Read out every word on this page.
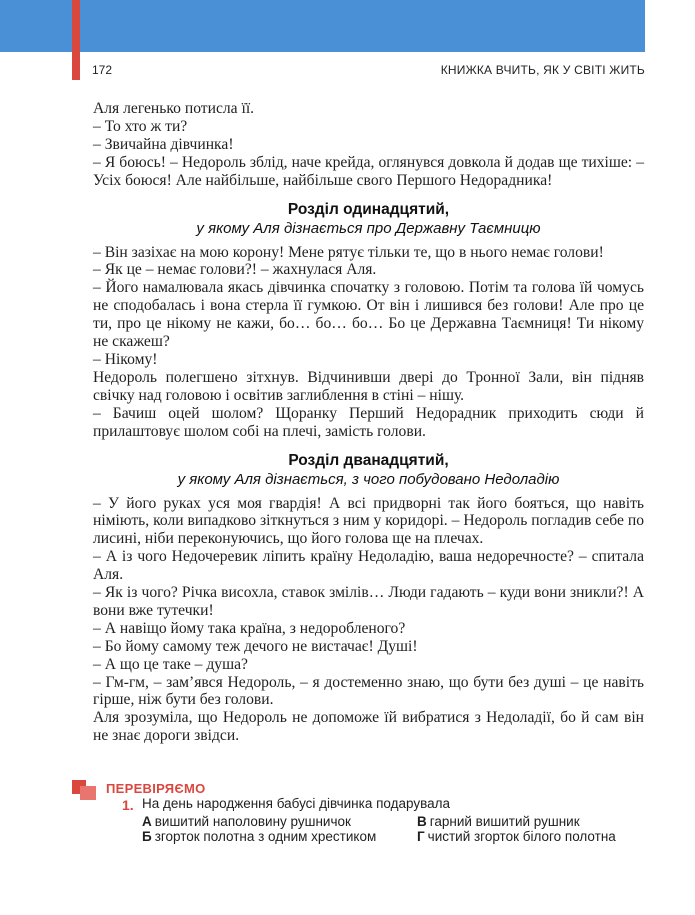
172	КНИЖКА ВЧИТЬ, ЯК У СВІТІ ЖИТЬ

Аля легенько потисла її.

– То хто ж ти?

– Звичайна дівчинка!

– Я боюсь! – Недороль зблід, наче крейда, оглянувся довкола й додав ще тихіше: – Усіх боюся! Але найбільше, найбільше свого Першого Недорадника!

Розділ одинадцятий,
у якому Аля дізнається про Державну Таємницю

– Він зазіхає на мою корону! Мене рятує тільки те, що в нього немає голови!

– Як це – немає голови?! – жахнулася Аля.

– Його намалювала якась дівчинка спочатку з головою. Потім та голова їй чомусь не сподобалась і вона стерла її гумкою. От він і лишився без голови! Але про це ти, про це нікому не кажи, бо… бо… бо… Бо це Державна Таємниця! Ти нікому не скажеш?

– Нікому!

Недороль полегшено зітхнув. Відчинивши двері до Тронної Зали, він підняв свічку над головою і освітив заглиблення в стіні – нішу.

– Бачиш оцей шолом? Щоранку Перший Недорадник приходить сюди й прилаштовує шолом собі на плечі, замість голови.

Розділ дванадцятий,
у якому Аля дізнається, з чого побудовано Недоладію

– У його руках уся моя гвардія! А всі придворні так його бояться, що навіть німіють, коли випадково зіткнуться з ним у коридорі. – Недороль погладив себе по лисині, ніби переконуючись, що його голова ще на плечах.

– А із чого Недочеревик ліпить країну Недоладію, ваша недоречносте? – спитала Аля.

– Як із чого? Річка висохла, ставок змілів… Люди гадають – куди вони зникли?! А вони вже тутечки!

– А навіщо йому така країна, з недоробленого?

– Бо йому самому теж дечого не вистачає! Душі!

– А що це таке – душа?

– Гм-гм, – зам’явся Недороль, – я достеменно знаю, що бути без душі – це навіть гірше, ніж бути без голови.

Аля зрозуміла, що Недороль не допоможе їй вибратися з Недоладії, бо й сам він не знає дороги звідси.

ПЕРЕВІРЯЄМО
1. На день народження бабусі дівчинка подарувала
А вишитий наполовину рушничок	В гарний вишитий рушник
Б згорток полотна з одним хрестиком	Г чистий згорток білого полотна
